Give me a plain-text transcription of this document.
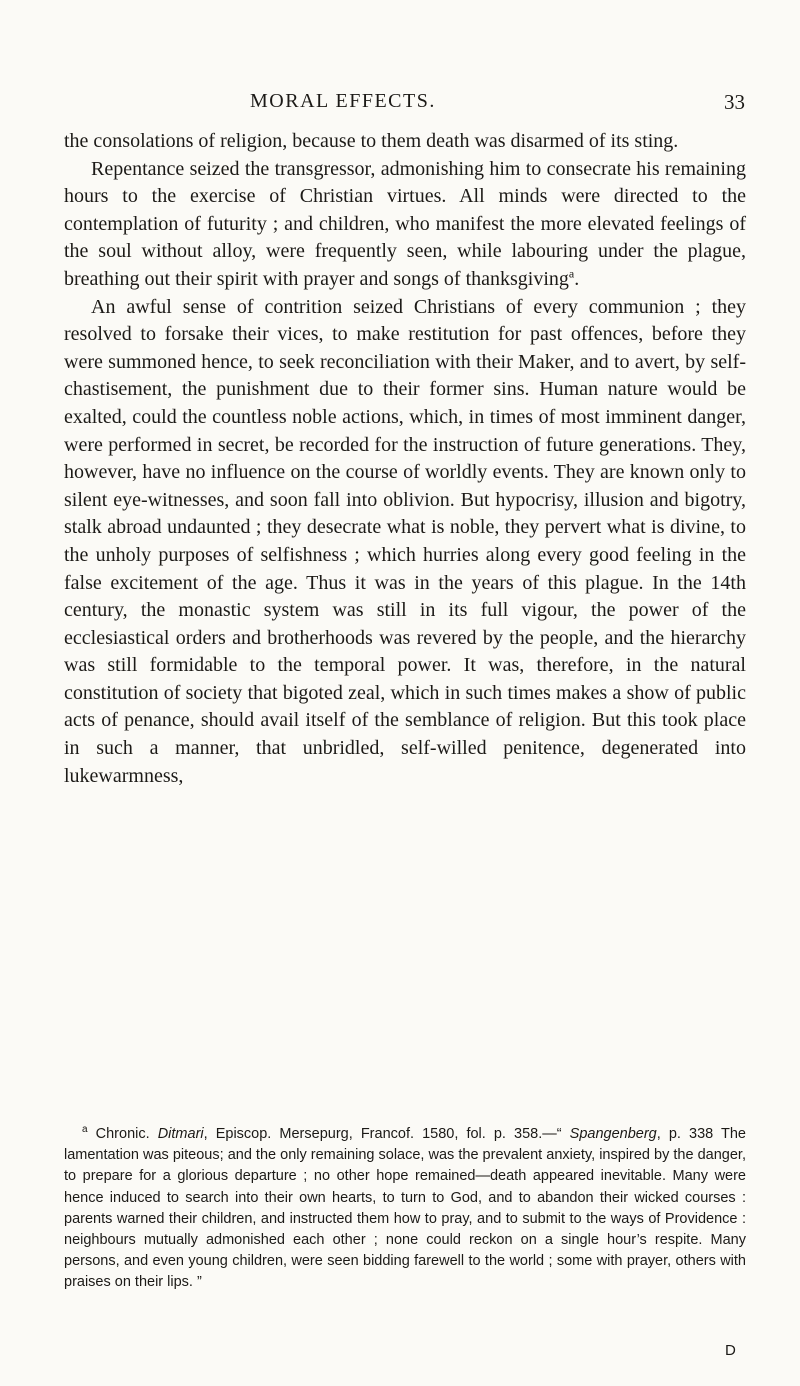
MORAL EFFECTS.	33

the consolations of religion, because to them death was disarmed of its sting.

Repentance seized the transgressor, admonishing him to consecrate his remaining hours to the exercise of Christian virtues. All minds were directed to the contemplation of futurity ; and children, who manifest the more elevated feelings of the soul without alloy, were frequently seen, while labouring under the plague, breathing out their spirit with prayer and songs of thanksgiving$^a$.

An awful sense of contrition seized Christians of every communion ; they resolved to forsake their vices, to make restitution for past offences, before they were summoned hence, to seek reconciliation with their Maker, and to avert, by self-chastisement, the punishment due to their former sins. Human nature would be exalted, could the countless noble actions, which, in times of most imminent danger, were performed in secret, be recorded for the instruction of future generations. They, however, have no influence on the course of worldly events. They are known only to silent eye-witnesses, and soon fall into oblivion. But hypocrisy, illusion and bigotry, stalk abroad undaunted ; they desecrate what is noble, they pervert what is divine, to the unholy purposes of selfishness ; which hurries along every good feeling in the false excitement of the age. Thus it was in the years of this plague. In the 14th century, the monastic system was still in its full vigour, the power of the ecclesiastical orders and brotherhoods was revered by the people, and the hierarchy was still formidable to the temporal power. It was, therefore, in the natural constitution of society that bigoted zeal, which in such times makes a show of public acts of penance, should avail itself of the semblance of religion. But this took place in such a manner, that unbridled, self-willed penitence, degenerated into lukewarmness,

$^a$ Chronic. Ditmari, Episcop. Mersepurg, Francof. 1580, fol. p. 358.—“ Spangenberg, p. 338 The lamentation was piteous; and the only remaining solace, was the prevalent anxiety, inspired by the danger, to prepare for a glorious departure ; no other hope remained—death appeared inevitable. Many were hence induced to search into their own hearts, to turn to God, and to abandon their wicked courses : parents warned their children, and instructed them how to pray, and to submit to the ways of Providence : neighbours mutually admonished each other ; none could reckon on a single hour’s respite. Many persons, and even young children, were seen bidding farewell to the world ; some with prayer, others with praises on their lips. ”

D
